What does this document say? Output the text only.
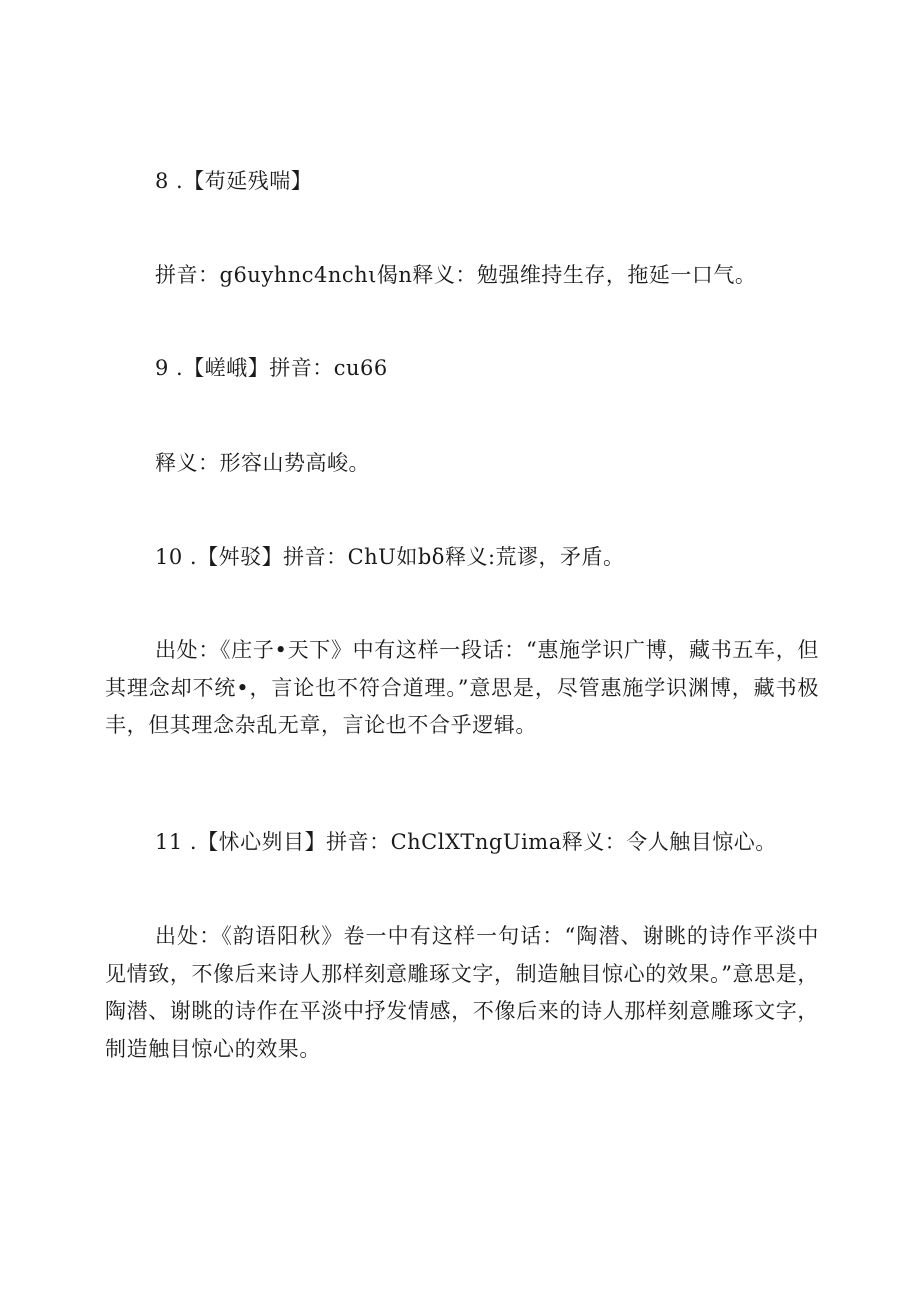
8 .【苟延残喘】
拼音：g6uyhnc4nchι偈n释义：勉强维持生存，拖延一口气。
9 .【嵯峨】拼音：cu66
释义：形容山势高峻。
10 .【舛驳】拼音：ChU如bδ释义:荒谬，矛盾。
出处：《庄子•天下》中有这样一段话：“惠施学识广博，藏书五车，但其理念却不统•，言论也不符合道理。”意思是，尽管惠施学识渊博，藏书极丰，但其理念杂乱无章，言论也不合乎逻辑。
11 .【怵心刿目】拼音：ChClXTngUima释义：令人触目惊心。
出处：《韵语阳秋》卷一中有这样一句话：“陶潜、谢眺的诗作平淡中见情致，不像后来诗人那样刻意雕琢文字，制造触目惊心的效果。”意思是，陶潜、谢眺的诗作在平淡中抒发情感，不像后来的诗人那样刻意雕琢文字，制造触目惊心的效果。
